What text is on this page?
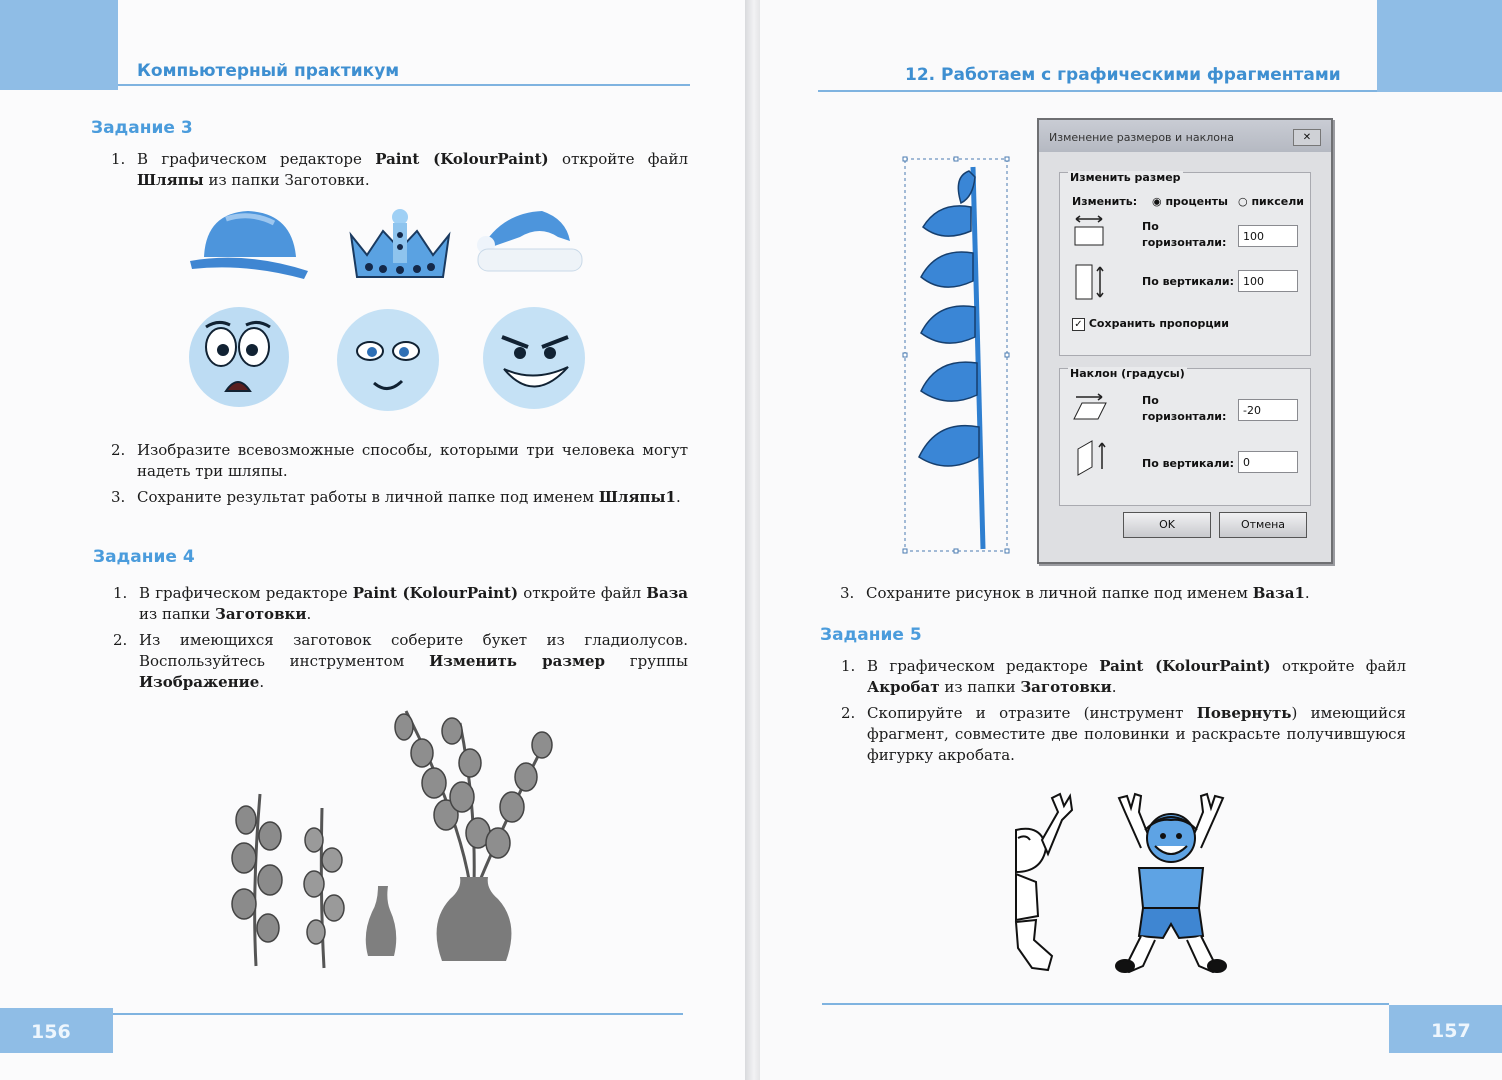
Компьютерный практикум
Задание 3
1. В графическом редакторе Paint (KolourPaint) откройте файл Шляпы из папки Заготовки.
2. Изобразите всевозможные способы, которыми три человека могут надеть три шляпы.
3. Сохраните результат работы в личной папке под именем Шляпы1.
Задание 4
1. В графическом редакторе Paint (KolourPaint) откройте файл Ваза из папки Заготовки.
2. Из имеющихся заготовок соберите букет из гладиолусов. Воспользуйтесь инструментом Изменить размер группы Изображение.
156
12. Работаем с графическими фрагментами
Изменение размеров и наклона	✕
Изменить размер
Изменить: ◉ проценты ○ пиксели
По горизонтали:	100
По вертикали: 100
✓ Сохранить пропорции
Наклон (градусы)
По горизонтали:	-20
По вертикали: 0
OK	Отмена
3. Сохраните рисунок в личной папке под именем Ваза1.
Задание 5
1. В графическом редакторе Paint (KolourPaint) откройте файл Акробат из папки Заготовки.
2. Скопируйте и отразите (инструмент Повернуть) имеющийся фрагмент, совместите две половинки и раскрасьте получившуюся фигурку акробата.
157
